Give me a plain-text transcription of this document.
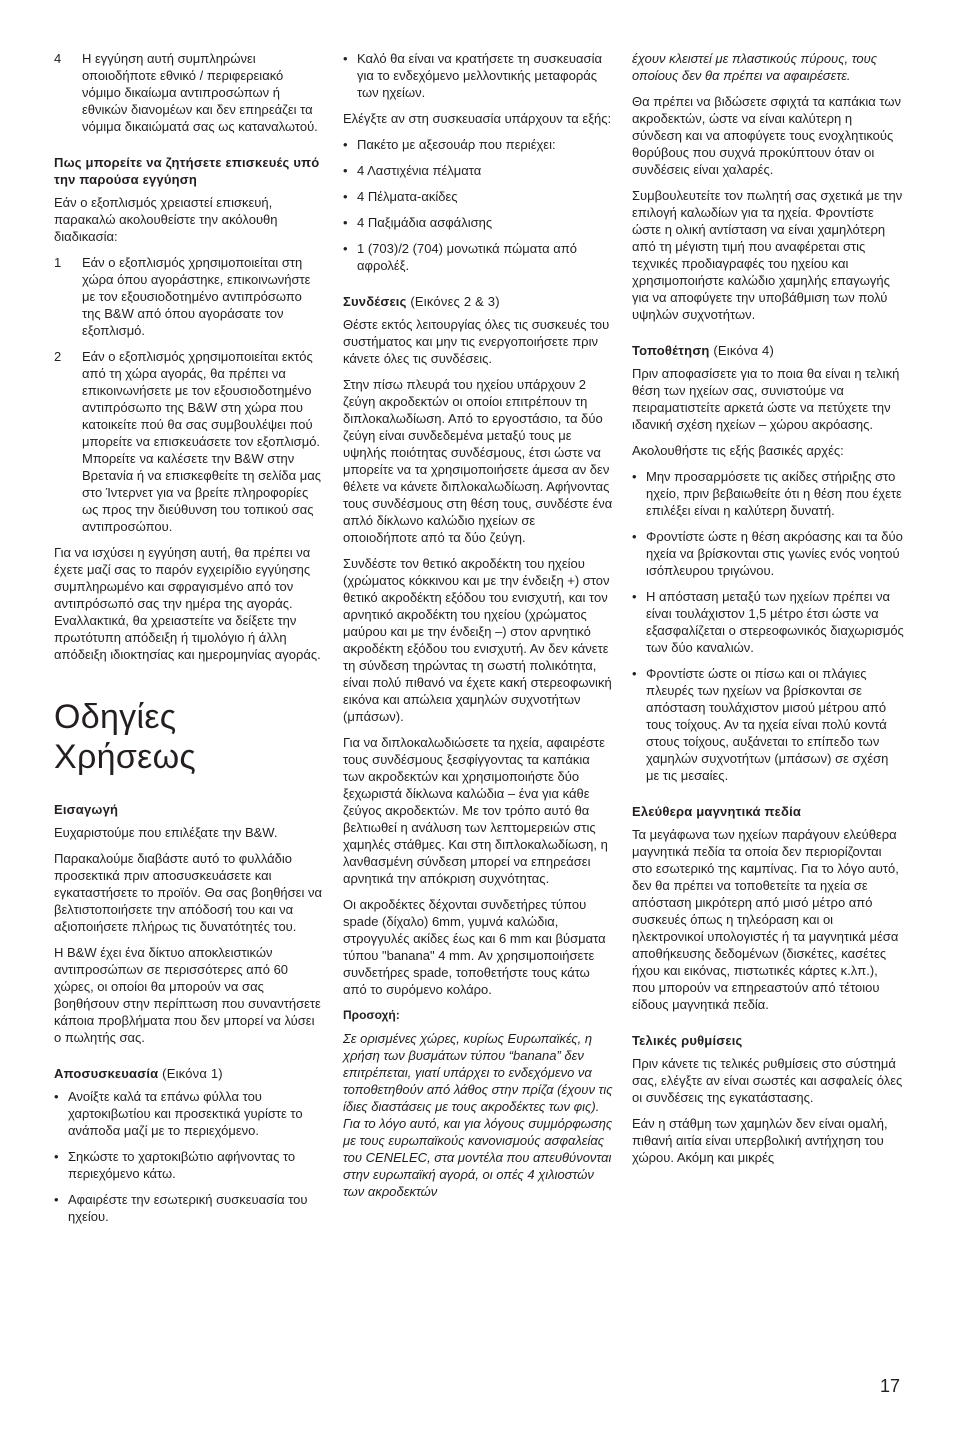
4	Η εγγύηση αυτή συμπληρώνει οποιοδήποτε εθνικό / περιφερειακό νόμιμο δικαίωμα αντιπροσώπων ή εθνικών διανομέων και δεν επηρεάζει τα νόμιμα δικαιώματά σας ως καταναλωτού.
Πως μπορείτε να ζητήσετε επισκευές υπό την παρούσα εγγύηση

Εάν ο εξοπλισμός χρειαστεί επισκευή, παρακαλώ ακολουθείστε την ακόλουθη διαδικασία:

1	Εάν ο εξοπλισμός χρησιμοποιείται στη χώρα όπου αγοράστηκε, επικοινωνήστε με τον εξουσιοδοτημένο αντιπρόσωπο της B&W από όπου αγοράσατε τον εξοπλισμό.
2	Εάν ο εξοπλισμός χρησιμοποιείται εκτός από τη χώρα αγοράς, θα πρέπει να επικοινωνήσετε με τον εξουσιοδοτημένο αντιπρόσωπο της B&W στη χώρα που κατοικείτε πού θα σας συμβουλέψει πού μπορείτε να επισκευάσετε τον εξοπλισμό. Μπορείτε να καλέσετε την B&W στην Βρετανία ή να επισκεφθείτε τη σελίδα μας στο Ίντερνετ για να βρείτε πληροφορίες ως προς την διεύθυνση του τοπικού σας αντιπροσώπου.

Για να ισχύσει η εγγύηση αυτή, θα πρέπει να έχετε μαζί σας το παρόν εγχειρίδιο εγγύησης συμπληρωμένο και σφραγισμένο από τον αντιπρόσωπό σας την ημέρα της αγοράς. Εναλλακτικά, θα χρειαστείτε να δείξετε την πρωτότυπη απόδειξη ή τιμολόγιο ή άλλη απόδειξη ιδιοκτησίας και ημερομηνίας αγοράς.

Οδηγίες Χρήσεως
Εισαγωγή

Ευχαριστούμε που επιλέξατε την B&W.

Παρακαλούμε διαβάστε αυτό το φυλλάδιο προσεκτικά πριν αποσυσκευάσετε και εγκαταστήσετε το προϊόν. Θα σας βοηθήσει να βελτιστοποιήσετε την απόδοσή του και να αξιοποιήσετε πλήρως τις δυνατότητές του.

Η B&W έχει ένα δίκτυο αποκλειστικών αντιπροσώπων σε περισσότερες από 60 χώρες, οι οποίοι θα μπορούν να σας βοηθήσουν στην περίπτωση που συναντήσετε κάποια προβλήματα που δεν μπορεί να λύσει ο πωλητής σας.

Αποσυσκευασία (Εικόνα 1)
• Ανοίξτε καλά τα επάνω φύλλα του χαρτοκιβωτίου και προσεκτικά γυρίστε το ανάποδα μαζί με το περιεχόμενο.
• Σηκώστε το χαρτοκιβώτιο αφήνοντας το περιεχόμενο κάτω.
• Αφαιρέστε την εσωτερική συσκευασία του ηχείου.
• Καλό θα είναι να κρατήσετε τη συσκευασία για το ενδεχόμενο μελλοντικής μεταφοράς των ηχείων.

Ελέγξτε αν στη συσκευασία υπάρχουν τα εξής:

• Πακέτο με αξεσουάρ που περιέχει:
• 4 Λαστιχένια πέλματα
• 4 Πέλματα-ακίδες
• 4 Παξιμάδια ασφάλισης
• 1 (703)/2 (704) μονωτικά πώματα από αφρολέξ.
Συνδέσεις (Εικόνες 2 & 3)

Θέστε εκτός λειτουργίας όλες τις συσκευές του συστήματος και μην τις ενεργοποιήσετε πριν κάνετε όλες τις συνδέσεις.

Στην πίσω πλευρά του ηχείου υπάρχουν 2 ζεύγη ακροδεκτών οι οποίοι επιτρέπουν τη διπλοκαλωδίωση. Από το εργοστάσιο, τα δύο ζεύγη είναι συνδεδεμένα μεταξύ τους με υψηλής ποιότητας συνδέσμους, έτσι ώστε να μπορείτε να τα χρησιμοποιήσετε άμεσα αν δεν θέλετε να κάνετε διπλοκαλωδίωση. Αφήνοντας τους συνδέσμους στη θέση τους, συνδέστε ένα απλό δίκλωνο καλώδιο ηχείων σε οποιοδήποτε από τα δύο ζεύγη.

Συνδέστε τον θετικό ακροδέκτη του ηχείου (χρώματος κόκκινου και με την ένδειξη +) στον θετικό ακροδέκτη εξόδου του ενισχυτή, και τον αρνητικό ακροδέκτη του ηχείου (χρώματος μαύρου και με την ένδειξη –) στον αρνητικό ακροδέκτη εξόδου του ενισχυτή. Αν δεν κάνετε τη σύνδεση τηρώντας τη σωστή πολικότητα, είναι πολύ πιθανό να έχετε κακή στερεοφωνική εικόνα και απώλεια χαμηλών συχνοτήτων (μπάσων).

Για να διπλοκαλωδιώσετε τα ηχεία, αφαιρέστε τους συνδέσμους ξεσφίγγοντας τα καπάκια των ακροδεκτών και χρησιμοποιήστε δύο ξεχωριστά δίκλωνα καλώδια – ένα για κάθε ζεύγος ακροδεκτών. Με τον τρόπο αυτό θα βελτιωθεί η ανάλυση των λεπτομερειών στις χαμηλές στάθμες. Και στη διπλοκαλωδίωση, η λανθασμένη σύνδεση μπορεί να επηρεάσει αρνητικά την απόκριση συχνότητας.

Οι ακροδέκτες δέχονται συνδετήρες τύπου spade (δίχαλο) 6mm, γυμνά καλώδια, στρογγυλές ακίδες έως και 6 mm και βύσματα τύπου "banana" 4 mm. Αν χρησιμοποιήσετε συνδετήρες spade, τοποθετήστε τους κάτω από το συρόμενο κολάρο.

Προσοχή:

Σε ορισμένες χώρες, κυρίως Ευρωπαϊκές, η χρήση των βυσμάτων τύπου “banana” δεν επιτρέπεται, γιατί υπάρχει το ενδεχόμενο να τοποθετηθούν από λάθος στην πρίζα (έχουν τις ίδιες διαστάσεις με τους ακροδέκτες των φις). Για το λόγο αυτό, και για λόγους συμμόρφωσης με τους ευρωπαϊκούς κανονισμούς ασφαλείας του CENELEC, στα μοντέλα που απευθύνονται στην ευρωπαϊκή αγορά, οι οπές 4 χιλιοστών των ακροδεκτών

έχουν κλειστεί με πλαστικούς πύρους, τους οποίους δεν θα πρέπει να αφαιρέσετε.

Θα πρέπει να βιδώσετε σφιχτά τα καπάκια των ακροδεκτών, ώστε να είναι καλύτερη η σύνδεση και να αποφύγετε τους ενοχλητικούς θορύβους που συχνά προκύπτουν όταν οι συνδέσεις είναι χαλαρές.

Συμβουλευτείτε τον πωλητή σας σχετικά με την επιλογή καλωδίων για τα ηχεία. Φροντίστε ώστε η ολική αντίσταση να είναι χαμηλότερη από τη μέγιστη τιμή που αναφέρεται στις τεχνικές προδιαγραφές του ηχείου και χρησιμοποιήστε καλώδιο χαμηλής επαγωγής για να αποφύγετε την υποβάθμιση των πολύ υψηλών συχνοτήτων.

Τοποθέτηση (Εικόνα 4)

Πριν αποφασίσετε για το ποια θα είναι η τελική θέση των ηχείων σας, συνιστούμε να πειραματιστείτε αρκετά ώστε να πετύχετε την ιδανική σχέση ηχείων – χώρου ακρόασης.

Ακολουθήστε τις εξής βασικές αρχές:

• Μην προσαρμόσετε τις ακίδες στήριξης στο ηχείο, πριν βεβαιωθείτε ότι η θέση που έχετε επιλέξει είναι η καλύτερη δυνατή.
• Φροντίστε ώστε η θέση ακρόασης και τα δύο ηχεία να βρίσκονται στις γωνίες ενός νοητού ισόπλευρου τριγώνου.
• Η απόσταση μεταξύ των ηχείων πρέπει να είναι τουλάχιστον 1,5 μέτρο έτσι ώστε να εξασφαλίζεται ο στερεοφωνικός διαχωρισμός των δύο καναλιών.
• Φροντίστε ώστε οι πίσω και οι πλάγιες πλευρές των ηχείων να βρίσκονται σε απόσταση τουλάχιστον μισού μέτρου από τους τοίχους. Αν τα ηχεία είναι πολύ κοντά στους τοίχους, αυξάνεται το επίπεδο των χαμηλών συχνοτήτων (μπάσων) σε σχέση με τις μεσαίες.
Ελεύθερα μαγνητικά πεδία

Τα μεγάφωνα των ηχείων παράγουν ελεύθερα μαγνητικά πεδία τα οποία δεν περιορίζονται στο εσωτερικό της καμπίνας. Για το λόγο αυτό, δεν θα πρέπει να τοποθετείτε τα ηχεία σε απόσταση μικρότερη από μισό μέτρο από συσκευές όπως η τηλεόραση και οι ηλεκτρονικοί υπολογιστές ή τα μαγνητικά μέσα αποθήκευσης δεδομένων (δισκέτες, κασέτες ήχου και εικόνας, πιστωτικές κάρτες κ.λπ.), που μπορούν να επηρεαστούν από τέτοιου είδους μαγνητικά πεδία.

Τελικές ρυθμίσεις

Πριν κάνετε τις τελικές ρυθμίσεις στο σύστημά σας, ελέγξτε αν είναι σωστές και ασφαλείς όλες οι συνδέσεις της εγκατάστασης.

Εάν η στάθμη των χαμηλών δεν είναι ομαλή, πιθανή αιτία είναι υπερβολική αντήχηση του χώρου. Ακόμη και μικρές

17
